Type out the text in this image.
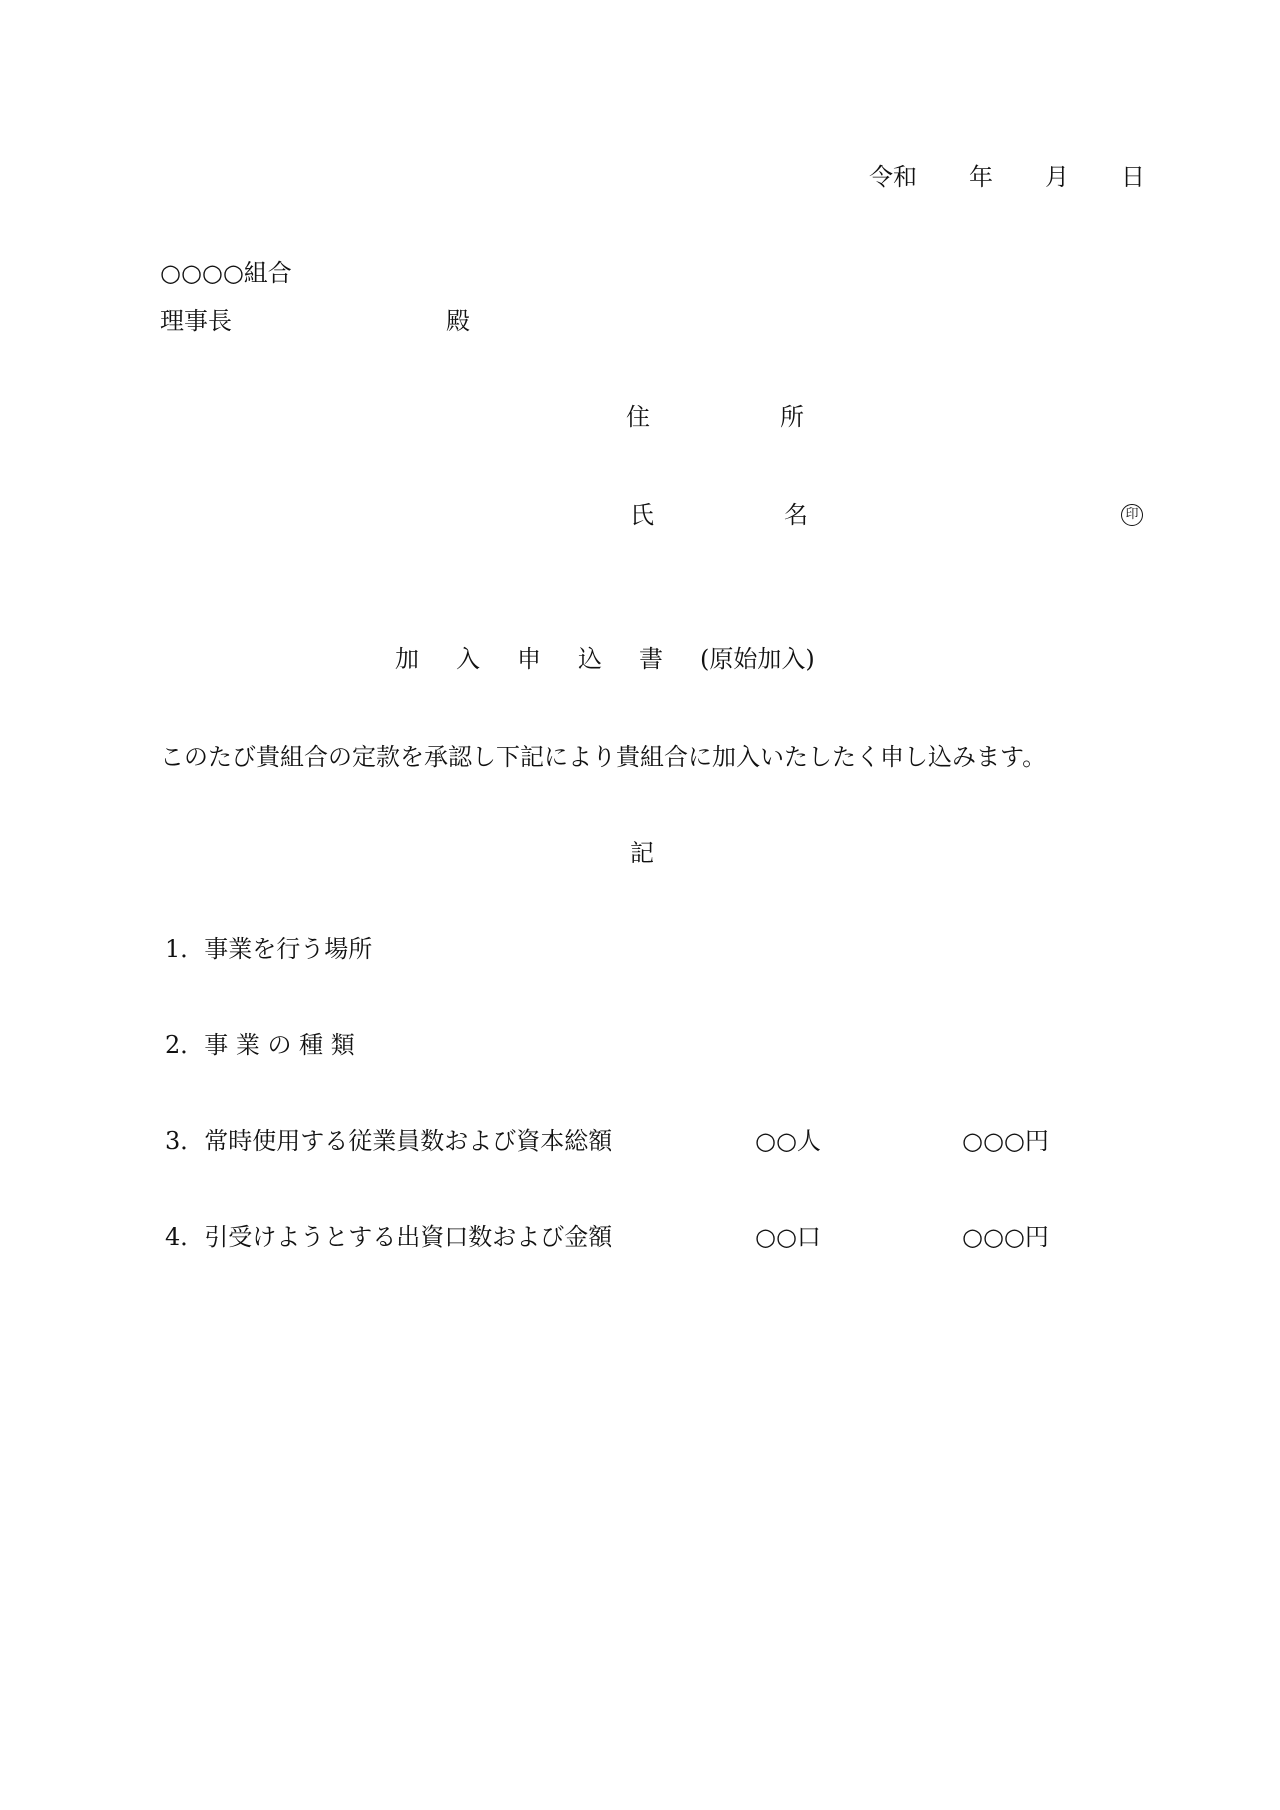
令和 年 月 日

○○○○組合

理事長	殿

住	所

氏	名	印
加 入 申 込 書 (原始加入)

このたび貴組合の定款を承認し下記により貴組合に加入いたしたく申し込みます。

記

1．事業を行う場所

2．事 業 の 種 類

3．常時使用する従業員数および資本総額	○○人	○○○円

4．引受けようとする出資口数および金額	○○口	○○○円
